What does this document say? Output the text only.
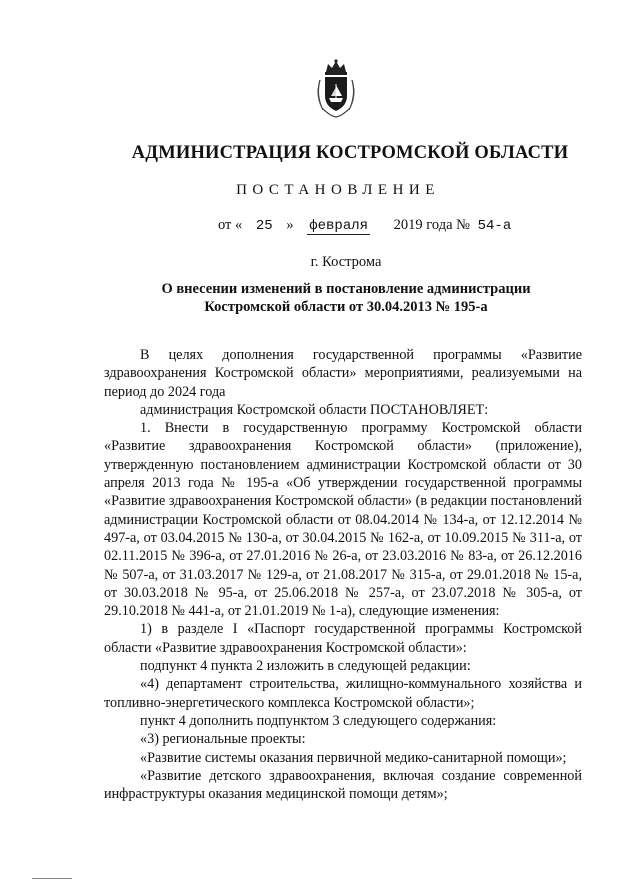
АДМИНИСТРАЦИЯ КОСТРОМСКОЙ ОБЛАСТИ
ПОСТАНОВЛЕНИЕ
от « 25 » февраля 2019 года № 54-а
г. Кострома
О внесении изменений в постановление администрации Костромской области от 30.04.2013 № 195-а

В целях дополнения государственной программы «Развитие здравоохранения Костромской области» мероприятиями, реализуемыми на период до 2024 года

администрация Костромской области ПОСТАНОВЛЯЕТ:

1. Внести в государственную программу Костромской области «Развитие здравоохранения Костромской области» (приложение), утвержденную постановлением администрации Костромской области от 30 апреля 2013 года № 195-а «Об утверждении государственной программы «Развитие здравоохранения Костромской области» (в редакции постановлений администрации Костромской области от 08.04.2014 № 134-а, от 12.12.2014 № 497-а, от 03.04.2015 № 130-а, от 30.04.2015 № 162-а, от 10.09.2015 № 311-а, от 02.11.2015 № 396-а, от 27.01.2016 № 26-а, от 23.03.2016 № 83-а, от 26.12.2016 № 507-а, от 31.03.2017 № 129-а, от 21.08.2017 № 315-а, от 29.01.2018 № 15-а, от 30.03.2018 № 95-а, от 25.06.2018 № 257-а, от 23.07.2018 № 305-а, от 29.10.2018 № 441-а, от 21.01.2019 № 1-а), следующие изменения:

1) в разделе I «Паспорт государственной программы Костромской области «Развитие здравоохранения Костромской области»:

подпункт 4 пункта 2 изложить в следующей редакции:

«4) департамент строительства, жилищно-коммунального хозяйства и топливно-энергетического комплекса Костромской области»;

пункт 4 дополнить подпунктом 3 следующего содержания:

«3) региональные проекты:

«Развитие системы оказания первичной медико-санитарной помощи»;

«Развитие детского здравоохранения, включая создание современной инфраструктуры оказания медицинской помощи детям»;
